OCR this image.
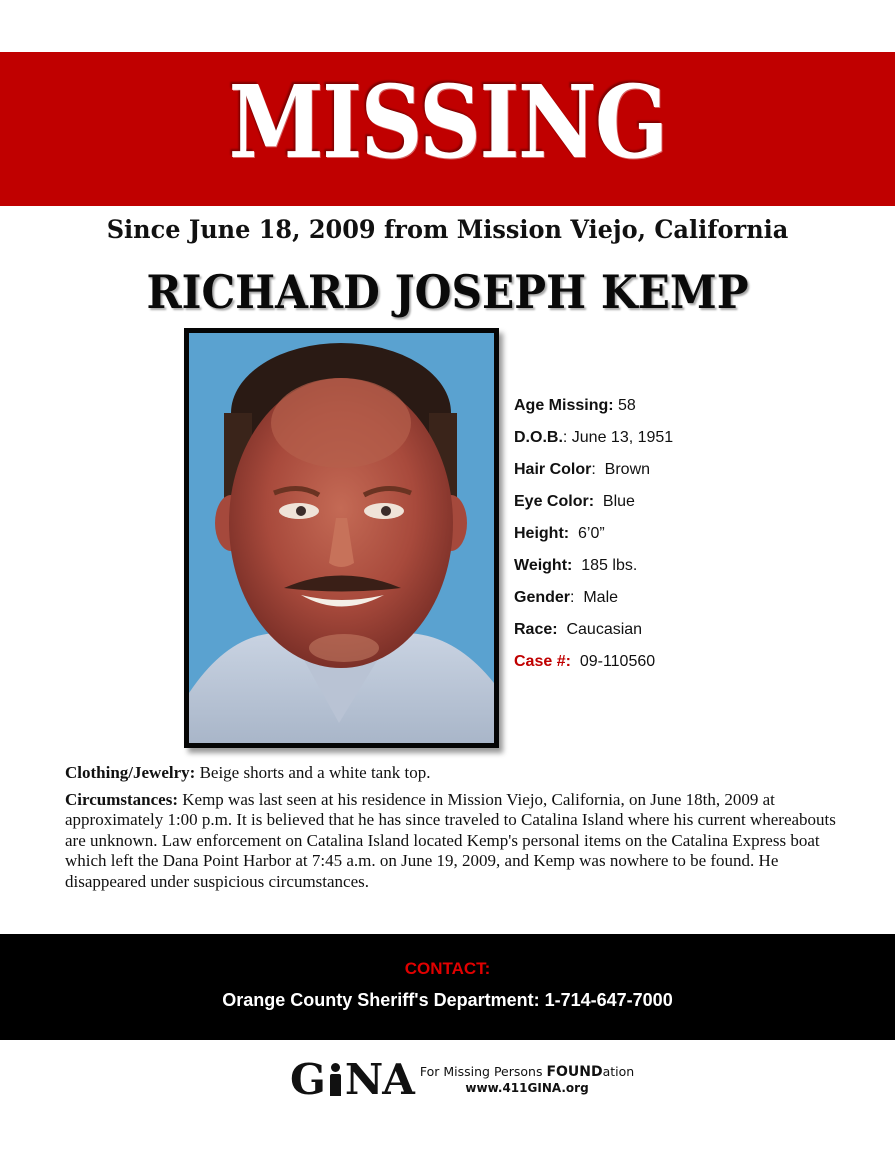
MISSING
Since June 18, 2009 from Mission Viejo, California
RICHARD JOSEPH KEMP
Age Missing: 58
D.O.B.: June 13, 1951
Hair Color:  Brown
Eye Color:  Blue
Height:  6’0”
Weight:  185 lbs.
Gender:  Male
Race:  Caucasian
Case #:  09-110560

Clothing/Jewelry: Beige shorts and a white tank top.

Circumstances: Kemp was last seen at his residence in Mission Viejo, California, on June 18th, 2009 at approximately 1:00 p.m. It is believed that he has since traveled to Catalina Island where his current whereabouts are unknown. Law enforcement on Catalina Island located Kemp's personal items on the Catalina Express boat which left the Dana Point Harbor at 7:45 a.m. on June 19, 2009, and Kemp was nowhere to be found. He disappeared under suspicious circumstances.

CONTACT:
Orange County Sheriff's Department: 1-714-647-7000
G NA For Missing Persons FOUNDation
www.411GINA.org
